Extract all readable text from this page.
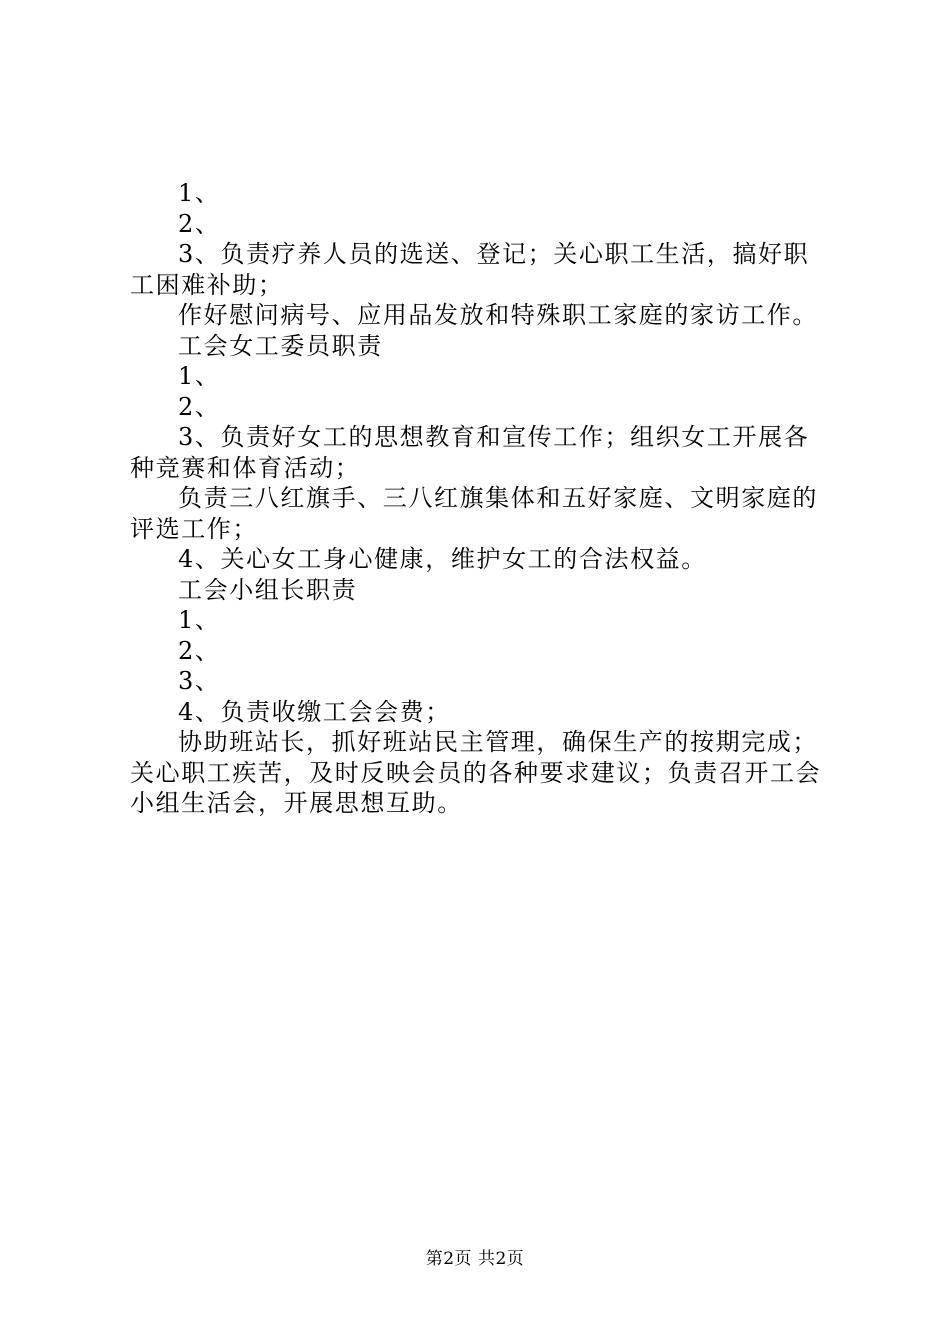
1、

2、

3、负责疗养人员的选送、登记；关心职工生活，搞好职工困难补助；

作好慰问病号、应用品发放和特殊职工家庭的家访工作。

工会女工委员职责

1、

2、

3、负责好女工的思想教育和宣传工作；组织女工开展各种竞赛和体育活动；

负责三八红旗手、三八红旗集体和五好家庭、文明家庭的评选工作；

4、关心女工身心健康，维护女工的合法权益。

工会小组长职责

1、

2、

3、

4、负责收缴工会会费；

协助班站长，抓好班站民主管理，确保生产的按期完成；关心职工疾苦，及时反映会员的各种要求建议；负责召开工会小组生活会，开展思想互助。

第2页 共2页
